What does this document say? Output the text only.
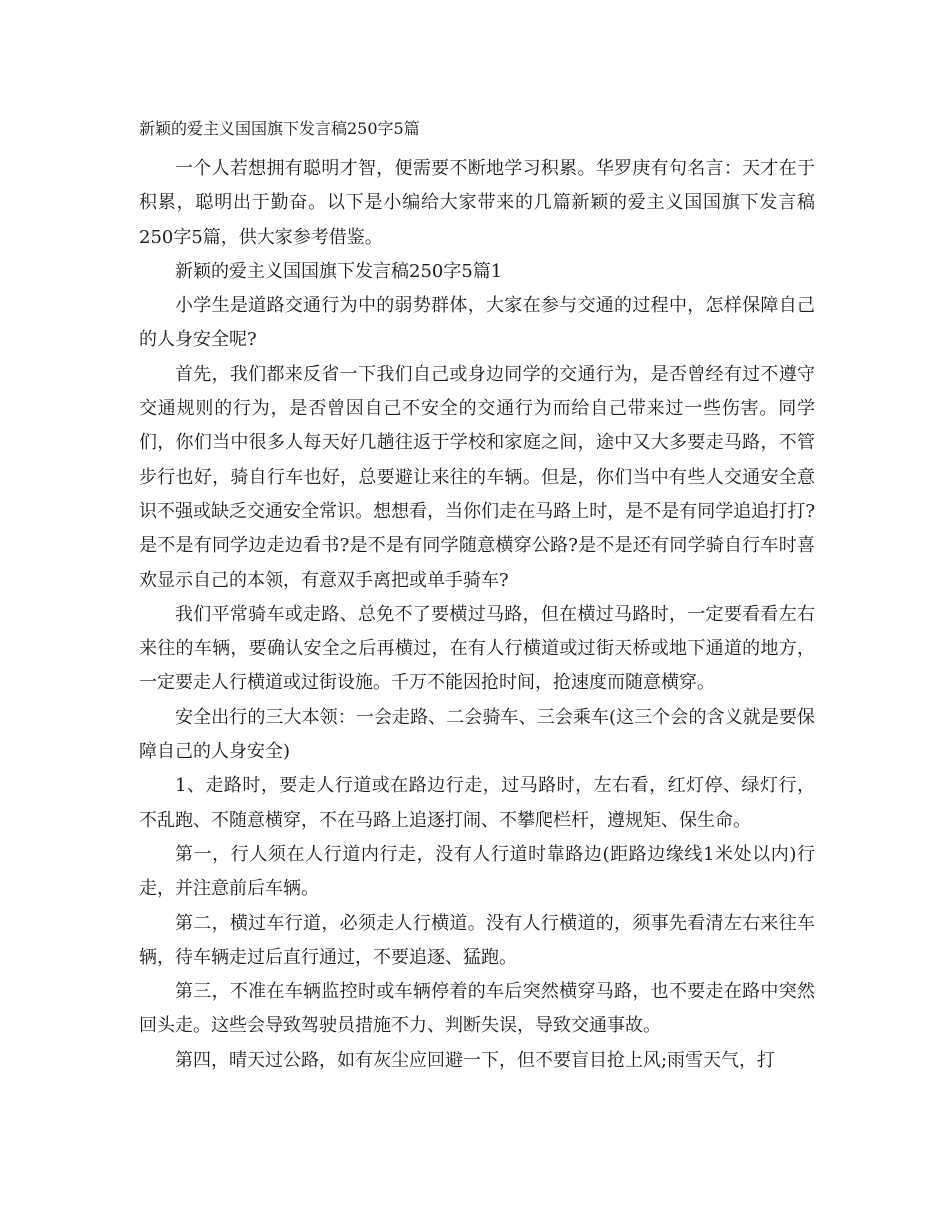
新颖的爱主义国国旗下发言稿250字5篇

一个人若想拥有聪明才智，便需要不断地学习积累。华罗庚有句名言：天才在于积累，聪明出于勤奋。以下是小编给大家带来的几篇新颖的爱主义国国旗下发言稿250字5篇，供大家参考借鉴。

新颖的爱主义国国旗下发言稿250字5篇1

小学生是道路交通行为中的弱势群体，大家在参与交通的过程中，怎样保障自己的人身安全呢?

首先，我们都来反省一下我们自己或身边同学的交通行为，是否曾经有过不遵守交通规则的行为，是否曾因自己不安全的交通行为而给自己带来过一些伤害。同学们，你们当中很多人每天好几趟往返于学校和家庭之间，途中又大多要走马路，不管步行也好，骑自行车也好，总要避让来往的车辆。但是，你们当中有些人交通安全意识不强或缺乏交通安全常识。想想看，当你们走在马路上时，是不是有同学追追打打?是不是有同学边走边看书?是不是有同学随意横穿公路?是不是还有同学骑自行车时喜欢显示自己的本领，有意双手离把或单手骑车?

我们平常骑车或走路、总免不了要横过马路，但在横过马路时，一定要看看左右来往的车辆，要确认安全之后再横过，在有人行横道或过街天桥或地下通道的地方，一定要走人行横道或过街设施。千万不能因抢时间，抢速度而随意横穿。

安全出行的三大本领：一会走路、二会骑车、三会乘车(这三个会的含义就是要保障自己的人身安全)

1、走路时，要走人行道或在路边行走，过马路时，左右看，红灯停、绿灯行，不乱跑、不随意横穿，不在马路上追逐打闹、不攀爬栏杆，遵规矩、保生命。

第一，行人须在人行道内行走，没有人行道时靠路边(距路边缘线1米处以内)行走，并注意前后车辆。

第二，横过车行道，必须走人行横道。没有人行横道的，须事先看清左右来往车辆，待车辆走过后直行通过，不要追逐、猛跑。

第三，不准在车辆监控时或车辆停着的车后突然横穿马路，也不要走在路中突然回头走。这些会导致驾驶员措施不力、判断失误，导致交通事故。

第四，晴天过公路，如有灰尘应回避一下，但不要盲目抢上风;雨雪天气，打
